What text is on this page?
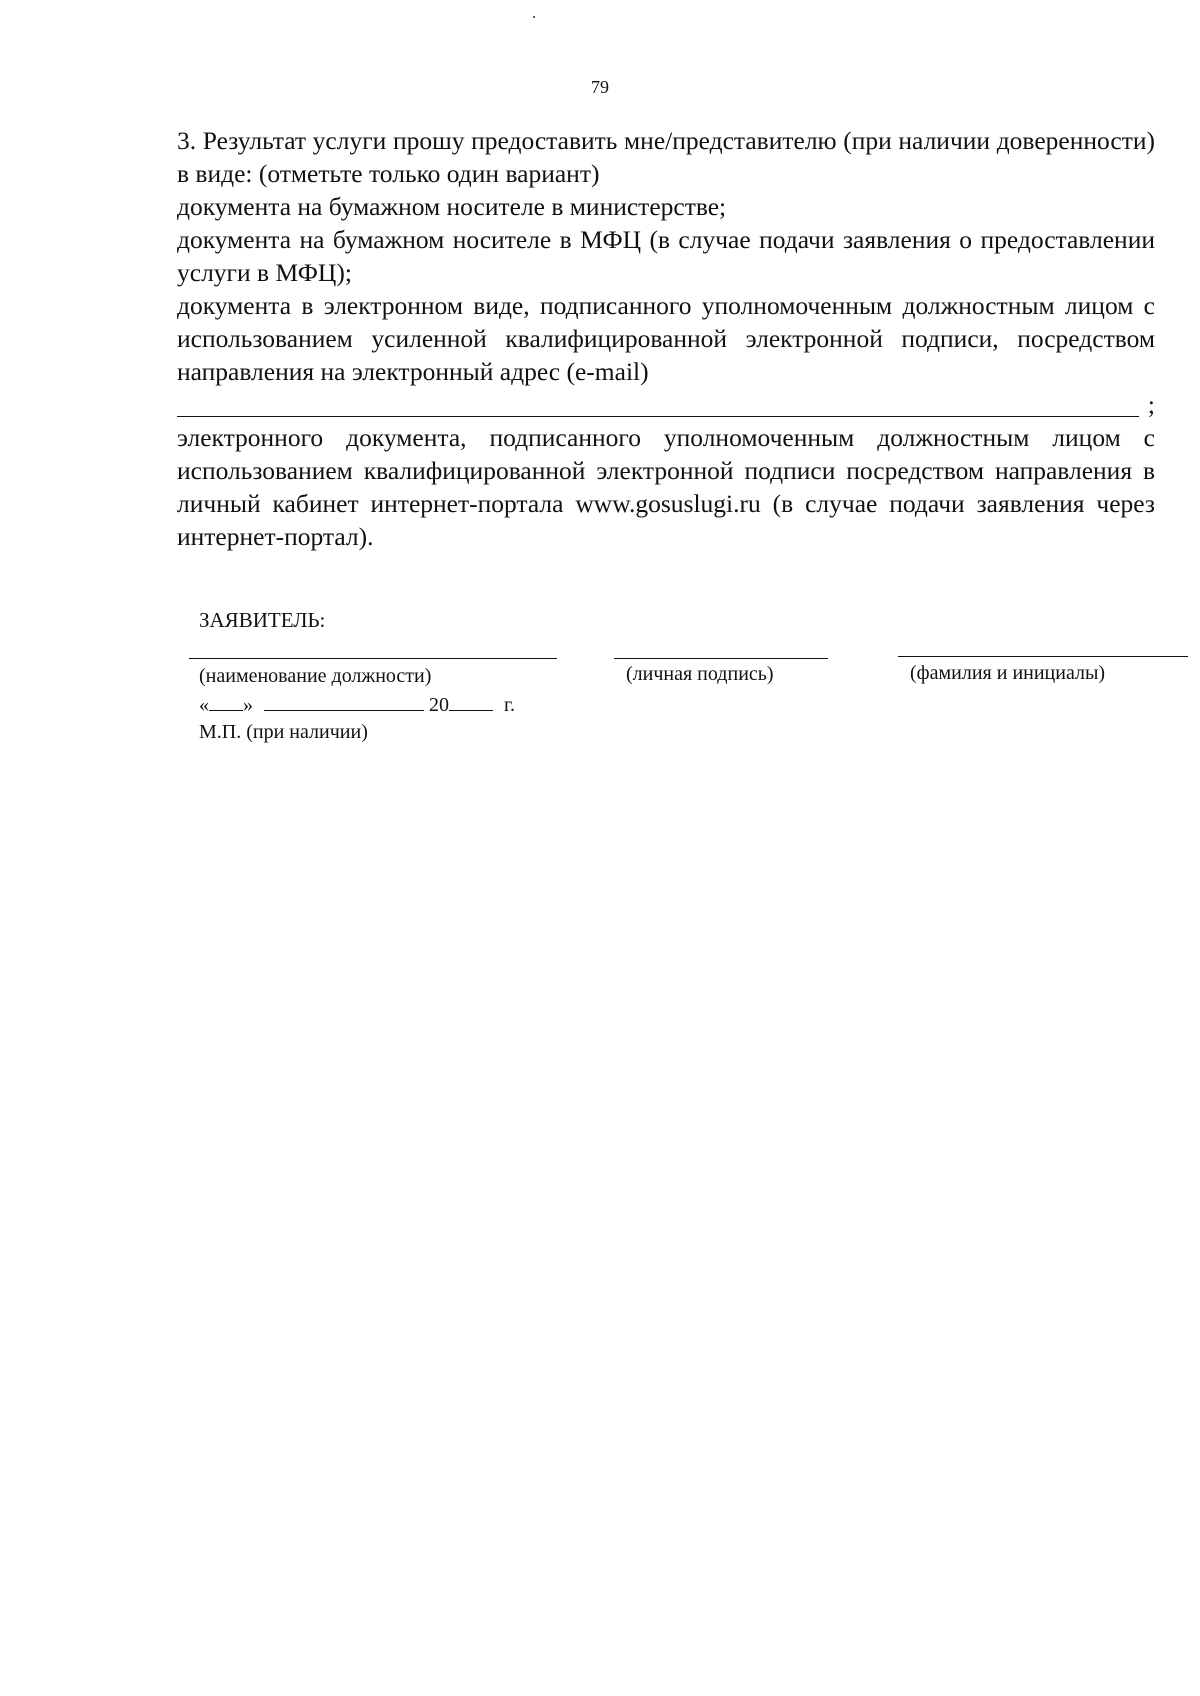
79

3. Результат услуги прошу предоставить мне/представителю (при наличии доверенности) в виде: (отметьте только один вариант)

документа на бумажном носителе в министерстве;

документа на бумажном носителе в МФЦ (в случае подачи заявления о предоставлении услуги в МФЦ);

документа в электронном виде, подписанного уполномоченным должностным лицом с использованием усиленной квалифицированной электронной подписи, посредством направления на электронный адрес (e-mail)

;

электронного документа, подписанного уполномоченным должностным лицом с использованием квалифицированной электронной подписи посредством направления в личный кабинет интернет-портала www.gosuslugi.ru (в случае подачи заявления через интернет-портал).

ЗАЯВИТЕЛЬ:
(наименование должности)	(личная подпись)	(фамилия и инициалы)
« »	20	г.
М.П. (при наличии)
